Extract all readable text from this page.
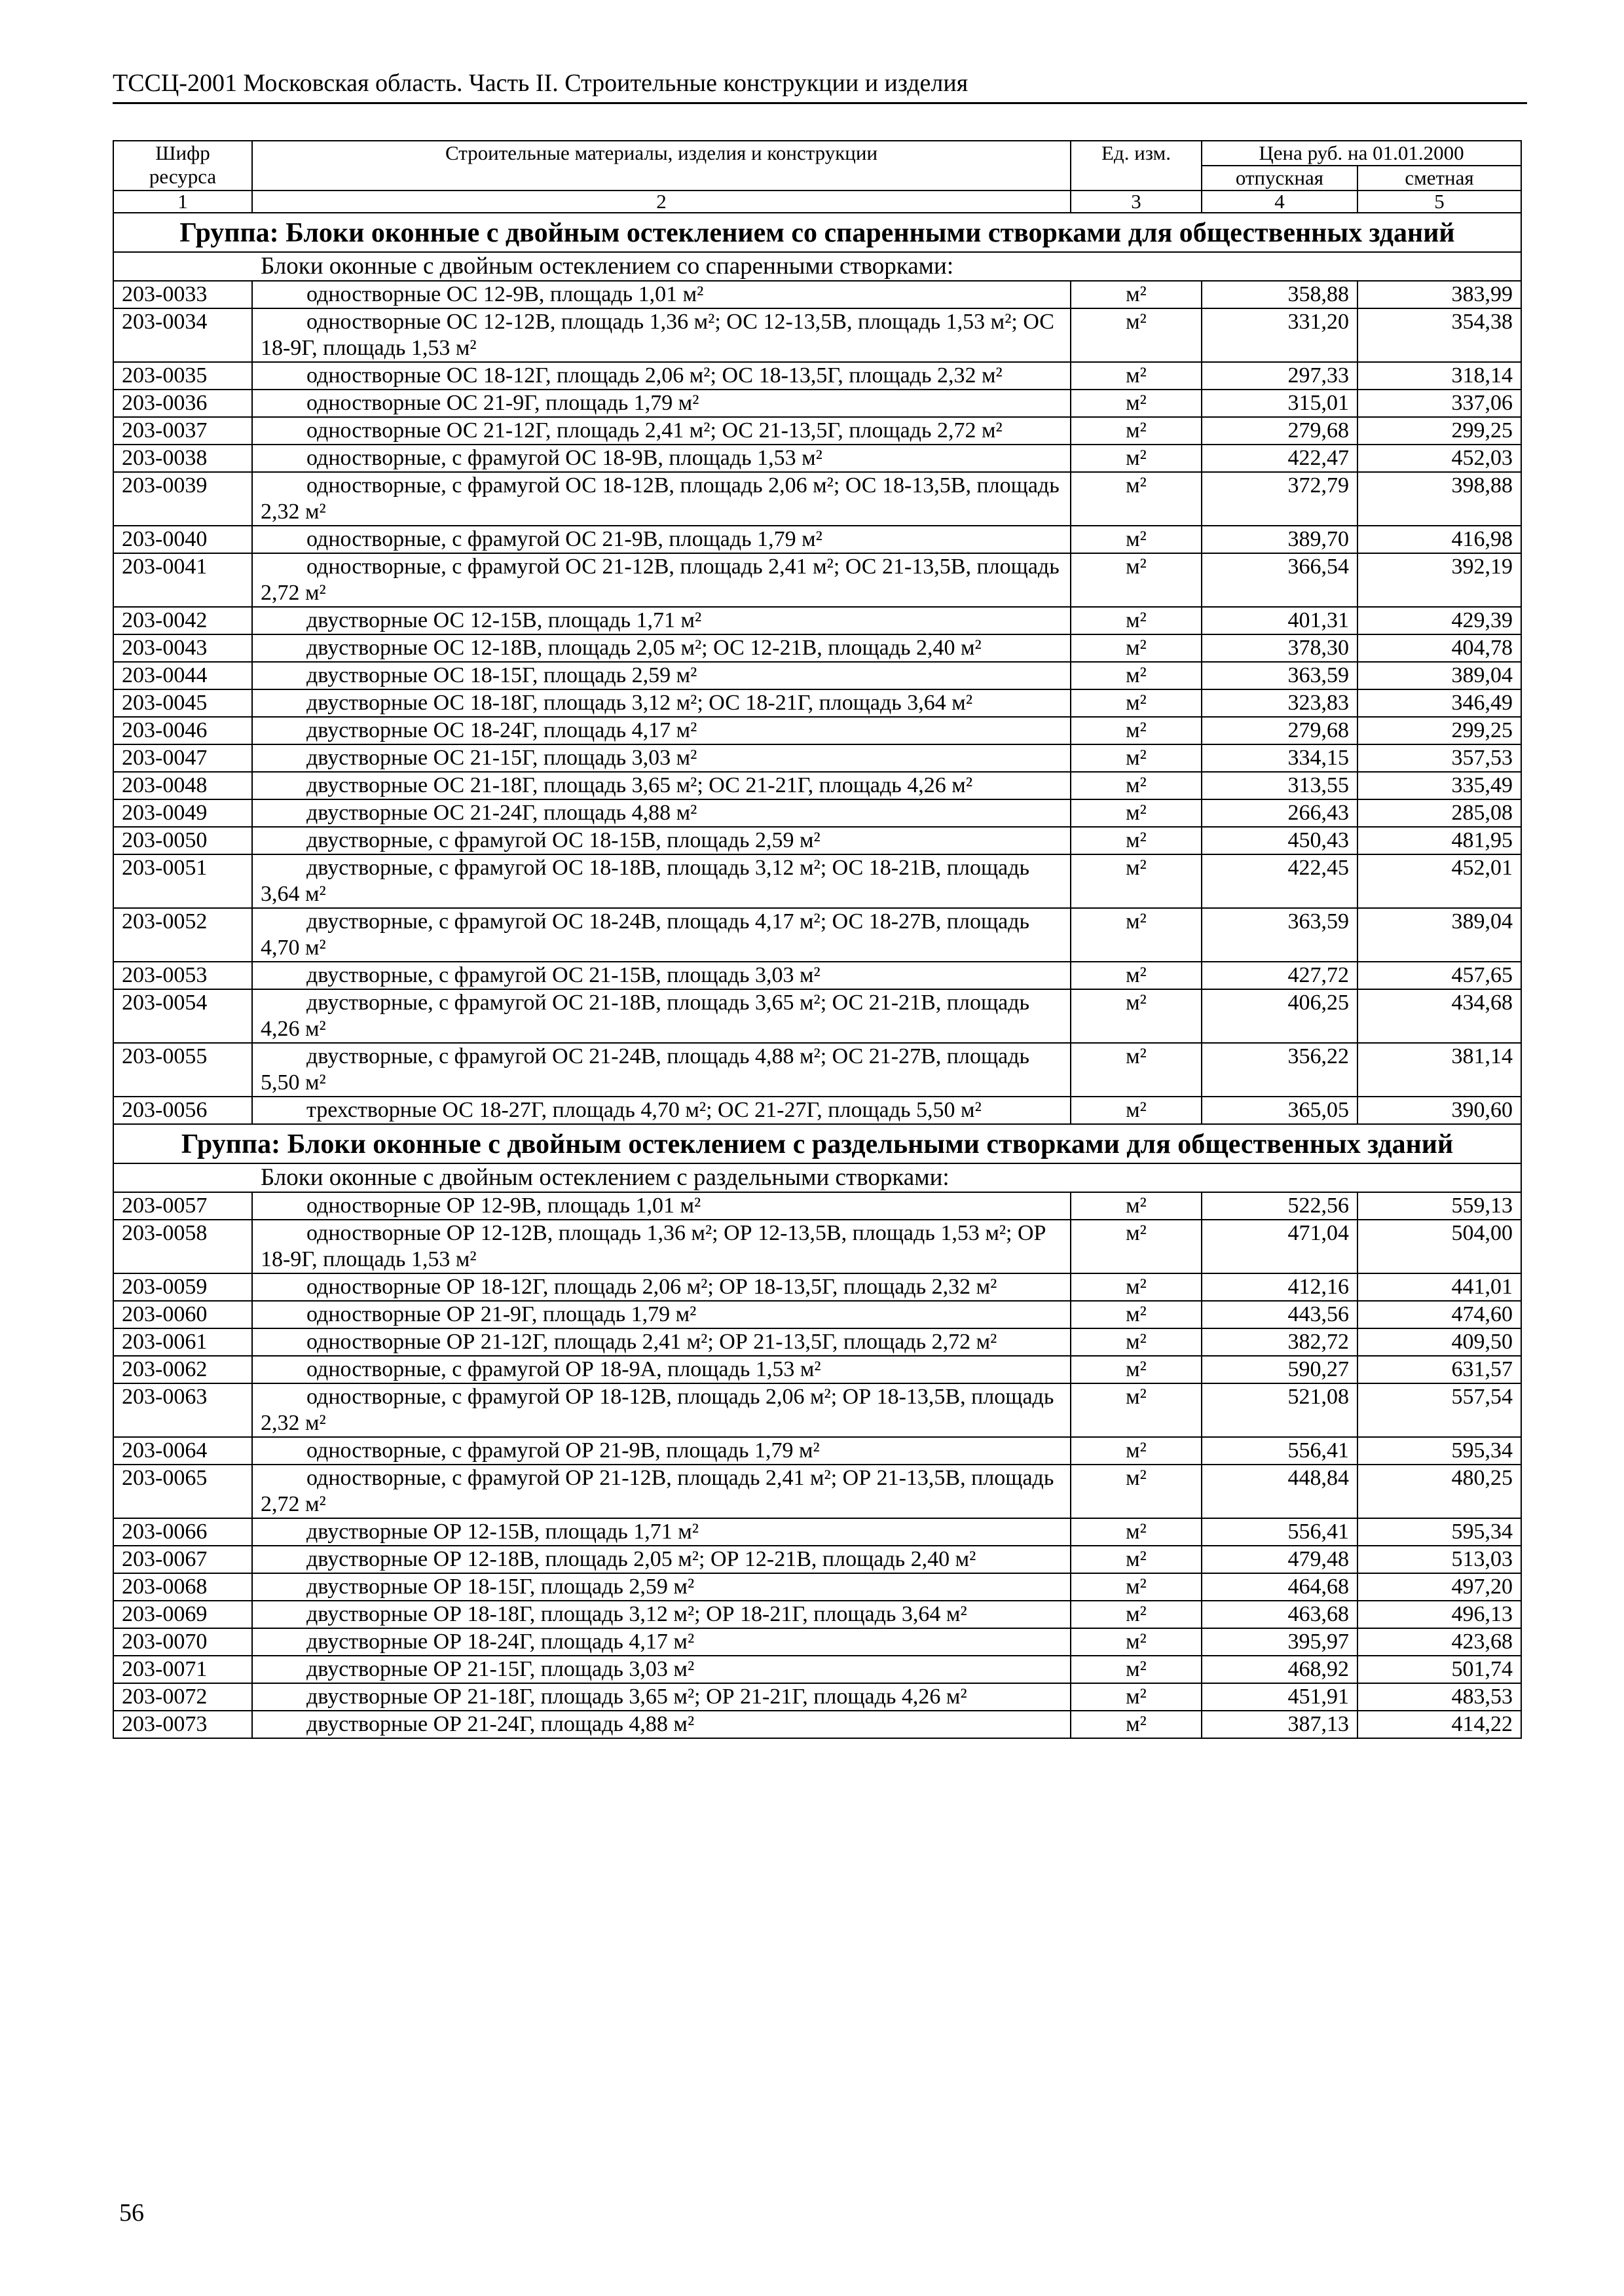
ТССЦ-2001 Московская область. Часть II. Строительные конструкции и изделия
Шифр ресурса	Строительные материалы, изделия и конструкции	Ед. изм.	Цена руб. на 01.01.2000	
			отпускная	сметная
1	2	3	4	5
Группа: Блоки оконные с двойным остеклением со спаренными створками для общественных зданий				
Блоки оконные с двойным остеклением со спаренными створками:				
203-0033	одностворные ОС 12-9В, площадь 1,01 м²	м²	358,88	383,99
203-0034	одностворные ОС 12-12В, площадь 1,36 м²; ОС 12-13,5В, площадь 1,53 м²; ОС 18-9Г, площадь 1,53 м²	м²	331,20	354,38
203-0035	одностворные ОС 18-12Г, площадь 2,06 м²; ОС 18-13,5Г, площадь 2,32 м²	м²	297,33	318,14
203-0036	одностворные ОС 21-9Г, площадь 1,79 м²	м²	315,01	337,06
203-0037	одностворные ОС 21-12Г, площадь 2,41 м²; ОС 21-13,5Г, площадь 2,72 м²	м²	279,68	299,25
203-0038	одностворные, с фрамугой ОС 18-9В, площадь 1,53 м²	м²	422,47	452,03
203-0039	одностворные, с фрамугой ОС 18-12В, площадь 2,06 м²; ОС 18-13,5В, площадь 2,32 м²	м²	372,79	398,88
203-0040	одностворные, с фрамугой ОС 21-9В, площадь 1,79 м²	м²	389,70	416,98
203-0041	одностворные, с фрамугой ОС 21-12В, площадь 2,41 м²; ОС 21-13,5В, площадь 2,72 м²	м²	366,54	392,19
203-0042	двустворные ОС 12-15В, площадь 1,71 м²	м²	401,31	429,39
203-0043	двустворные ОС 12-18В, площадь 2,05 м²; ОС 12-21В, площадь 2,40 м²	м²	378,30	404,78
203-0044	двустворные ОС 18-15Г, площадь 2,59 м²	м²	363,59	389,04
203-0045	двустворные ОС 18-18Г, площадь 3,12 м²; ОС 18-21Г, площадь 3,64 м²	м²	323,83	346,49
203-0046	двустворные ОС 18-24Г, площадь 4,17 м²	м²	279,68	299,25
203-0047	двустворные ОС 21-15Г, площадь 3,03 м²	м²	334,15	357,53
203-0048	двустворные ОС 21-18Г, площадь 3,65 м²; ОС 21-21Г, площадь 4,26 м²	м²	313,55	335,49
203-0049	двустворные ОС 21-24Г, площадь 4,88 м²	м²	266,43	285,08
203-0050	двустворные, с фрамугой ОС 18-15В, площадь 2,59 м²	м²	450,43	481,95
203-0051	двустворные, с фрамугой ОС 18-18В, площадь 3,12 м²; ОС 18-21В, площадь 3,64 м²	м²	422,45	452,01
203-0052	двустворные, с фрамугой ОС 18-24В, площадь 4,17 м²; ОС 18-27В, площадь 4,70 м²	м²	363,59	389,04
203-0053	двустворные, с фрамугой ОС 21-15В, площадь 3,03 м²	м²	427,72	457,65
203-0054	двустворные, с фрамугой ОС 21-18В, площадь 3,65 м²; ОС 21-21В, площадь 4,26 м²	м²	406,25	434,68
203-0055	двустворные, с фрамугой ОС 21-24В, площадь 4,88 м²; ОС 21-27В, площадь 5,50 м²	м²	356,22	381,14
203-0056	трехстворные ОС 18-27Г, площадь 4,70 м²; ОС 21-27Г, площадь 5,50 м²	м²	365,05	390,60
Группа: Блоки оконные с двойным остеклением с раздельными створками для общественных зданий				
Блоки оконные с двойным остеклением с раздельными створками:				
203-0057	одностворные ОР 12-9В, площадь 1,01 м²	м²	522,56	559,13
203-0058	одностворные ОР 12-12В, площадь 1,36 м²; ОР 12-13,5В, площадь 1,53 м²; ОР 18-9Г, площадь 1,53 м²	м²	471,04	504,00
203-0059	одностворные ОР 18-12Г, площадь 2,06 м²; ОР 18-13,5Г, площадь 2,32 м²	м²	412,16	441,01
203-0060	одностворные ОР 21-9Г, площадь 1,79 м²	м²	443,56	474,60
203-0061	одностворные ОР 21-12Г, площадь 2,41 м²; ОР 21-13,5Г, площадь 2,72 м²	м²	382,72	409,50
203-0062	одностворные, с фрамугой ОР 18-9А, площадь 1,53 м²	м²	590,27	631,57
203-0063	одностворные, с фрамугой ОР 18-12В, площадь 2,06 м²; ОР 18-13,5В, площадь 2,32 м²	м²	521,08	557,54
203-0064	одностворные, с фрамугой ОР 21-9В, площадь 1,79 м²	м²	556,41	595,34
203-0065	одностворные, с фрамугой ОР 21-12В, площадь 2,41 м²; ОР 21-13,5В, площадь 2,72 м²	м²	448,84	480,25
203-0066	двустворные ОР 12-15В, площадь 1,71 м²	м²	556,41	595,34
203-0067	двустворные ОР 12-18В, площадь 2,05 м²; ОР 12-21В, площадь 2,40 м²	м²	479,48	513,03
203-0068	двустворные ОР 18-15Г, площадь 2,59 м²	м²	464,68	497,20
203-0069	двустворные ОР 18-18Г, площадь 3,12 м²; ОР 18-21Г, площадь 3,64 м²	м²	463,68	496,13
203-0070	двустворные ОР 18-24Г, площадь 4,17 м²	м²	395,97	423,68
203-0071	двустворные ОР 21-15Г, площадь 3,03 м²	м²	468,92	501,74
203-0072	двустворные ОР 21-18Г, площадь 3,65 м²; ОР 21-21Г, площадь 4,26 м²	м²	451,91	483,53
203-0073	двустворные ОР 21-24Г, площадь 4,88 м²	м²	387,13	414,22
56
